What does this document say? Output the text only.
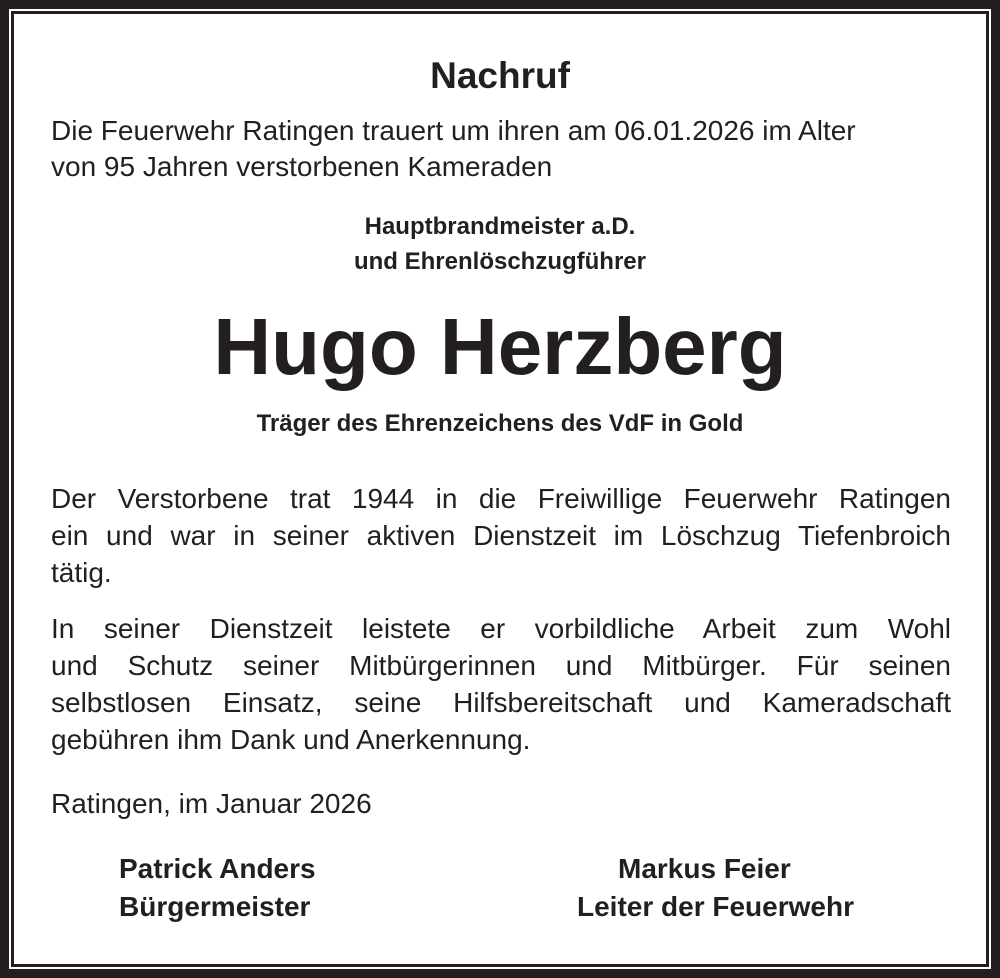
Nachruf

Die Feuerwehr Ratingen trauert um ihren am 06.01.2026 im Alter

von 95 Jahren verstorbenen Kameraden

Hauptbrandmeister a.D.

und Ehrenlöschzugführer

Hugo Herzberg

Träger des Ehrenzeichens des VdF in Gold

Der Verstorbene trat 1944 in die Freiwillige Feuerwehr Ratingen
ein und war in seiner aktiven Dienstzeit im Löschzug Tiefenbroich
tätig.
In seiner Dienstzeit leistete er vorbildliche Arbeit zum Wohl
und Schutz seiner Mitbürgerinnen und Mitbürger. Für seinen
selbstlosen Einsatz, seine Hilfsbereitschaft und Kameradschaft
gebühren ihm Dank und Anerkennung.

Ratingen, im Januar 2026

Patrick Anders

Bürgermeister

Markus Feier

Leiter der Feuerwehr
